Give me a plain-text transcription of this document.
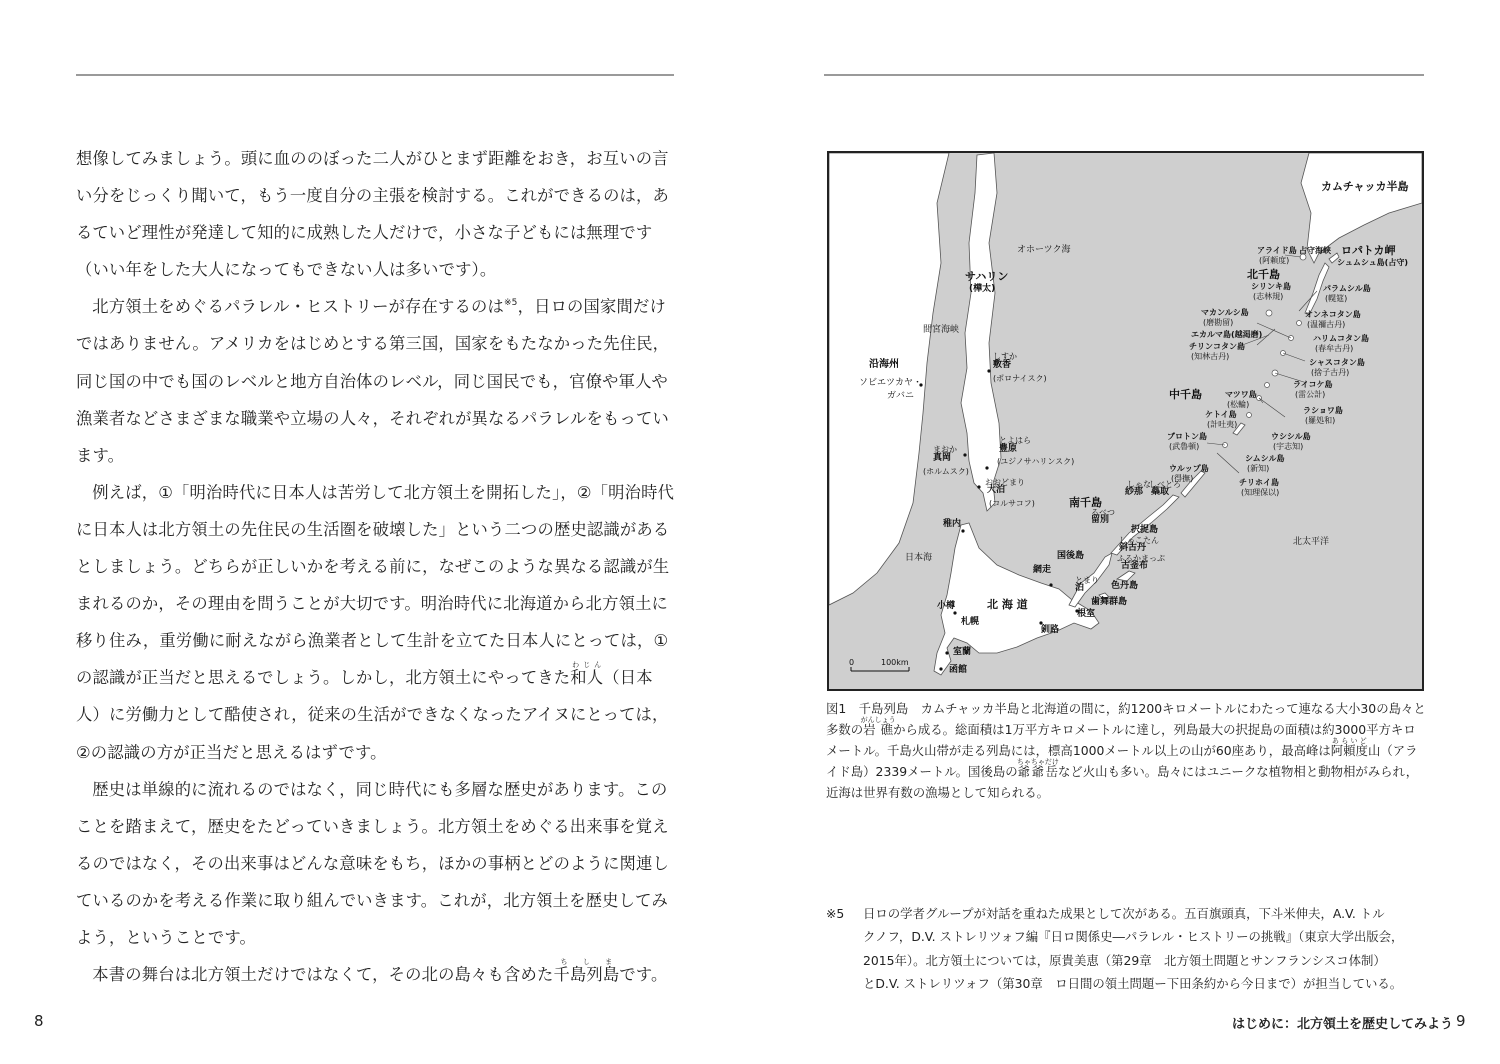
想像してみましょう。頭に血ののぼった二人がひとまず距離をおき，お互いの言い分をじっくり聞いて，もう一度自分の主張を検討する。これができるのは，あるていど理性が発達して知的に成熟した人だけで，小さな子どもには無理です（いい年をした大人になってもできない人は多いです）。

北方領土をめぐるパラレル・ヒストリーが存在するのは$^{※5}$，日ロの国家間だけではありません。アメリカをはじめとする第三国，国家をもたなかった先住民，同じ国の中でも国のレベルと地方自治体のレベル，同じ国民でも，官僚や軍人や漁業者などさまざまな職業や立場の人々，それぞれが異なるパラレルをもっています。

例えば，①「明治時代に日本人は苦労して北方領土を開拓した」，②「明治時代に日本人は北方領土の先住民の生活圏を破壊した」という二つの歴史認識があるとしましょう。どちらが正しいかを考える前に，なぜこのような異なる認識が生まれるのか，その理由を問うことが大切です。明治時代に北海道から北方領土に移り住み，重労働に耐えながら漁業者として生計を立てた日本人にとっては，①の認識が正当だと思えるでしょう。しかし，北方領土にやってきた和人わじん（日本人）に労働力として酷使され，従来の生活ができなくなったアイヌにとっては，②の認識の方が正当だと思えるはずです。

歴史は単線的に流れるのではなく，同じ時代にも多層な歴史があります。このことを踏まえて，歴史をたどっていきましょう。北方領土をめぐる出来事を覚えるのではなく，その出来事はどんな意味をもち，ほかの事柄とどのように関連しているのかを考える作業に取り組んでいきます。これが，北方領土を歴史してみよう，ということです。

本書の舞台は北方領土だけではなくて，その北の島々も含めた千島列島ちしまです。

8
カムチャッカ半島
オホーツク海
サハリン
(樺太)
間宮海峡
沿海州
ソビエツカヤ・
ガバニ
しすか
敷香
(ポロナイスク)
とよはら
豊原
(ユジノサハリンスク)
まおか
真岡
(ホルムスク)
おおどまり
大泊
(コルサコフ)
稚内
日本海
北 海 道
小樽
札幌
室蘭
函館
網走
釧路
根室
北千島
アライド島
(阿頼度)
占守海峡 ロパトカ岬
シュムシュ島(占守)
シリンキ島
(志林規)
パラムシル島
(幌筵)
マカンルシ島
(磨勘留)
オンネコタン島
(温禰古丹)
エカルマ島(越渇磨)	ハリムコタン島
(春牟古丹)
チリンコタン島
(知林古丹)
シャスコタン島
(捨子古丹)
中千島
ライコケ島
(雷公計)
マツワ島
(松輪)
ラショワ島
(羅処和)
ケトイ島
(計吐夷)
ウシシル島
(宇志知)
ブロトン島
(武魯頓)
シムシル島
(新知)
チリホイ島
(知理保以)
ウルップ島
(得撫)
南千島
しゃな
紗那
しべとろ
蘂取
るべつ
留別
択捉島
しゃこたん
斜古丹
国後島
とまり
泊
ふるかまっぷ
古釜布
色丹島
歯舞群島
北太平洋
0	100km
図1　 千島列島　 カムチャッカ半島と北海道の間に，約1200キロメートルにわたって連なる大小30の島々と多数の岩礁がんしょうから成る。総面積は1万平方キロメートルに達し，列島最大の択捉島の面積は約3000平方キロメートル。千島火山帯が走る列島には，標高1000メートル以上の山が60座あり，最高峰は阿頼度あらいど山（アライド島）2339メートル。国後島の爺爺岳ちゃちゃだけなど火山も多い。島々にはユニークな植物相と動物相がみられ，近海は世界有数の漁場として知られる。
※5	日ロの学者グループが対話を重ねた成果として次がある。五百旗頭真，下斗米伸夫，A.V. トル
クノフ，D.V. ストレリツォフ編『日ロ関係史―パラレル・ヒストリーの挑戦』（東京大学出版会，
2015年）。北方領土については，原貴美恵（第29章　北方領土問題とサンフランシスコ体制）
とD.V. ストレリツォフ（第30章　ロ日間の領土問題ー下田条約から今日まで）が担当している。
はじめに：北方領土を歴史してみよう 9
